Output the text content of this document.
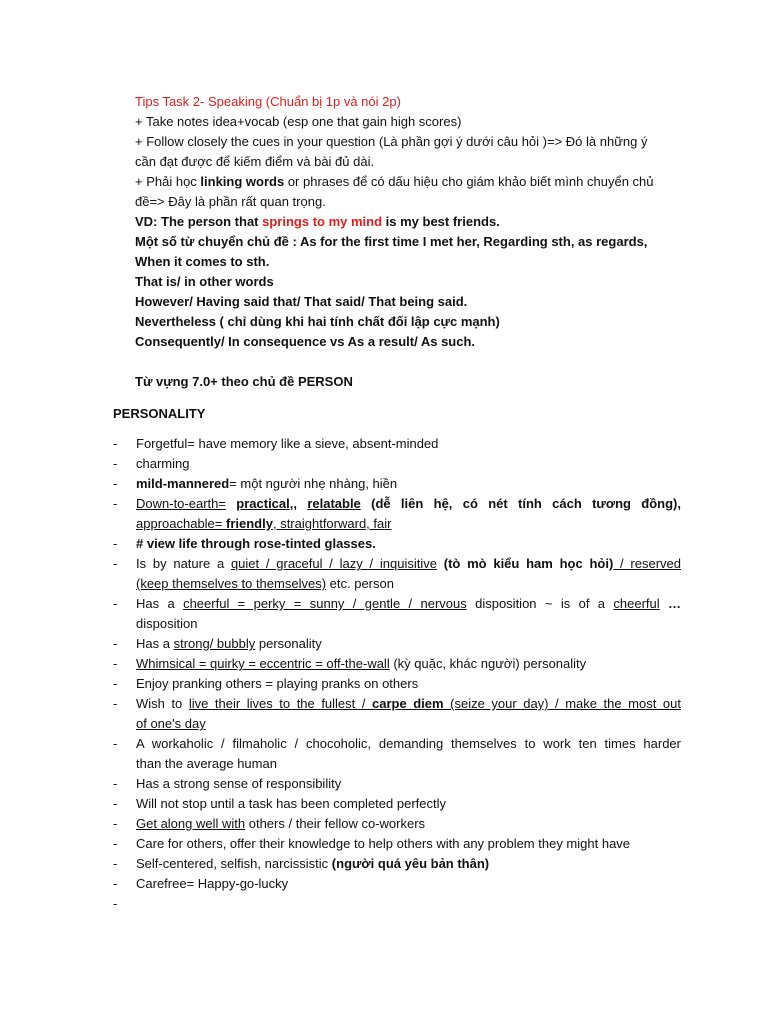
Tips Task 2- Speaking (Chuẩn bị 1p và nói 2p)
+ Take notes idea+vocab (esp one that gain high scores)
+ Follow closely the cues in your question (Là phần gợi ý dưới câu hỏi )=> Đó là những ý
cần đạt được để kiếm điểm và bài đủ dài.
+ Phải học linking words or phrases để có dấu hiệu cho giám khảo biết mình chuyển chủ
đề=> Đây là phần rất quan trọng.
VD: The person that springs to my mind is my best friends.
Một số từ chuyển chủ đề : As for the first time I met her, Regarding sth, as regards,
When it comes to sth.
That is/ in other words
However/ Having said that/ That said/ That being said.
Nevertheless ( chỉ dùng khi hai tính chất đối lập cực mạnh)
Consequently/ In consequence vs As a result/ As such.
Từ vựng 7.0+ theo chủ đề PERSON
PERSONALITY
- Forgetful= have memory like a sieve, absent-minded
- charming
- mild-mannered= một người nhẹ nhàng, hiền
- Down-to-earth= practical,, relatable (dễ liên hệ, có nét tính cách tương đồng),
approachable= friendly, straightforward, fair
- # view life through rose-tinted glasses.
- Is by nature a quiet / graceful / lazy / inquisitive (tò mò kiểu ham học hỏi) / reserved
(keep themselves to themselves) etc. person
- Has a cheerful = perky = sunny / gentle / nervous disposition ~ is of a cheerful …
disposition
- Has a strong/ bubbly personality
- Whimsical = quirky = eccentric = off-the-wall (kỳ quặc, khác người) personality
- Enjoy pranking others = playing pranks on others
- Wish to live their lives to the fullest / carpe diem (seize your day) / make the most out
of one's day
- A workaholic / filmaholic / chocoholic, demanding themselves to work ten times harder
than the average human
- Has a strong sense of responsibility
- Will not stop until a task has been completed perfectly
- Get along well with others / their fellow co-workers
- Care for others, offer their knowledge to help others with any problem they might have
- Self-centered, selfish, narcissistic (người quá yêu bản thân)
- Carefree= Happy-go-lucky
-
